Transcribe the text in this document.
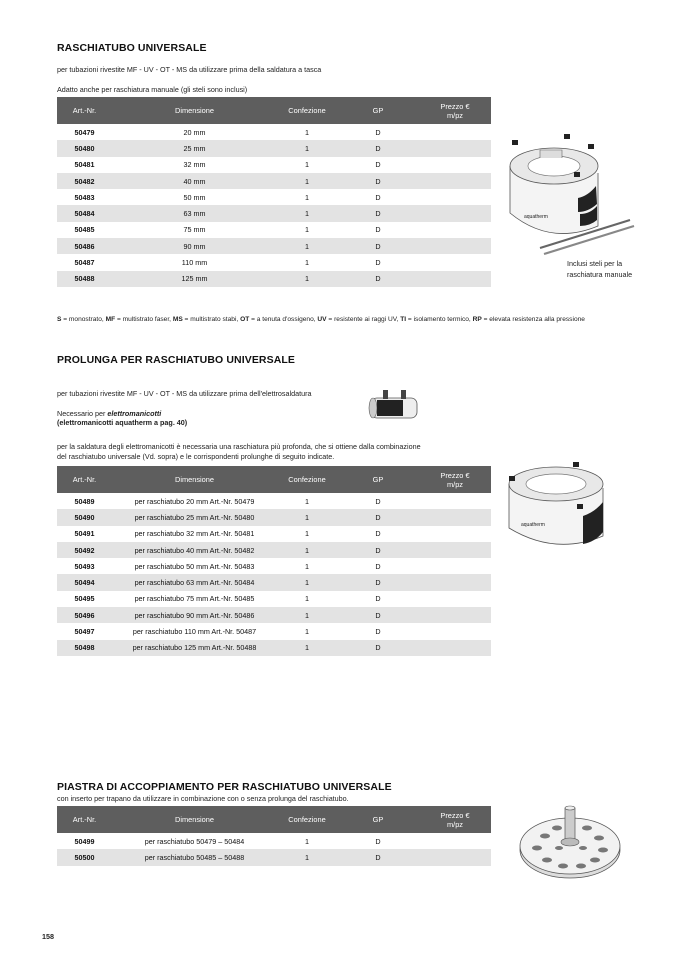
RASCHIATUBO UNIVERSALE
per tubazioni rivestite MF - UV - OT - MS da utilizzare prima della saldatura a tasca
Adatto anche per raschiatura manuale (gli steli sono inclusi)
Art.-Nr.	Dimensione	Confezione	GP	Prezzo €
m/pz
50479	20 mm	1	D	
50480	25 mm	1	D	
50481	32 mm	1	D	
50482	40 mm	1	D	
50483	50 mm	1	D	
50484	63 mm	1	D	
50485	75 mm	1	D	
50486	90 mm	1	D	
50487	110 mm	1	D	
50488	125 mm	1	D	
aquatherm
Inclusi steli per la
raschiatura manuale
S = monostrato, MF = multistrato faser, MS = multistrato stabi, OT = a tenuta d'ossigeno, UV = resistente ai raggi UV, TI = isolamento termico, RP = elevata resistenza alla pressione
PROLUNGA PER RASCHIATUBO UNIVERSALE
per tubazioni rivestite MF - UV - OT - MS da utilizzare prima dell'elettrosaldatura
Necessario per elettromanicotti
(elettromanicotti aquatherm a pag. 40)
per la saldatura degli elettromanicotti è necessaria una raschiatura più profonda, che si ottiene dalla combinazione
del raschiatubo universale (Vd. sopra) e le corrispondenti prolunghe di seguito indicate.
Art.-Nr.	Dimensione	Confezione	GP	Prezzo €
m/pz
50489	per raschiatubo 20 mm Art.-Nr. 50479	1	D	
50490	per raschiatubo 25 mm Art.-Nr. 50480	1	D	
50491	per raschiatubo 32 mm Art.-Nr. 50481	1	D	
50492	per raschiatubo 40 mm Art.-Nr. 50482	1	D	
50493	per raschiatubo 50 mm Art.-Nr. 50483	1	D	
50494	per raschiatubo 63 mm Art.-Nr. 50484	1	D	
50495	per raschiatubo 75 mm Art.-Nr. 50485	1	D	
50496	per raschiatubo 90 mm Art.-Nr. 50486	1	D	
50497	per raschiatubo 110 mm Art.-Nr. 50487	1	D	
50498	per raschiatubo 125 mm Art.-Nr. 50488	1	D	
aquatherm
PIASTRA DI ACCOPPIAMENTO PER RASCHIATUBO UNIVERSALE
con inserto per trapano da utilizzare in combinazione con o senza prolunga del raschiatubo.
Art.-Nr.	Dimensione	Confezione	GP	Prezzo €
m/pz
50499	per raschiatubo 50479 – 50484	1	D	
50500	per raschiatubo 50485 – 50488	1	D	
158
